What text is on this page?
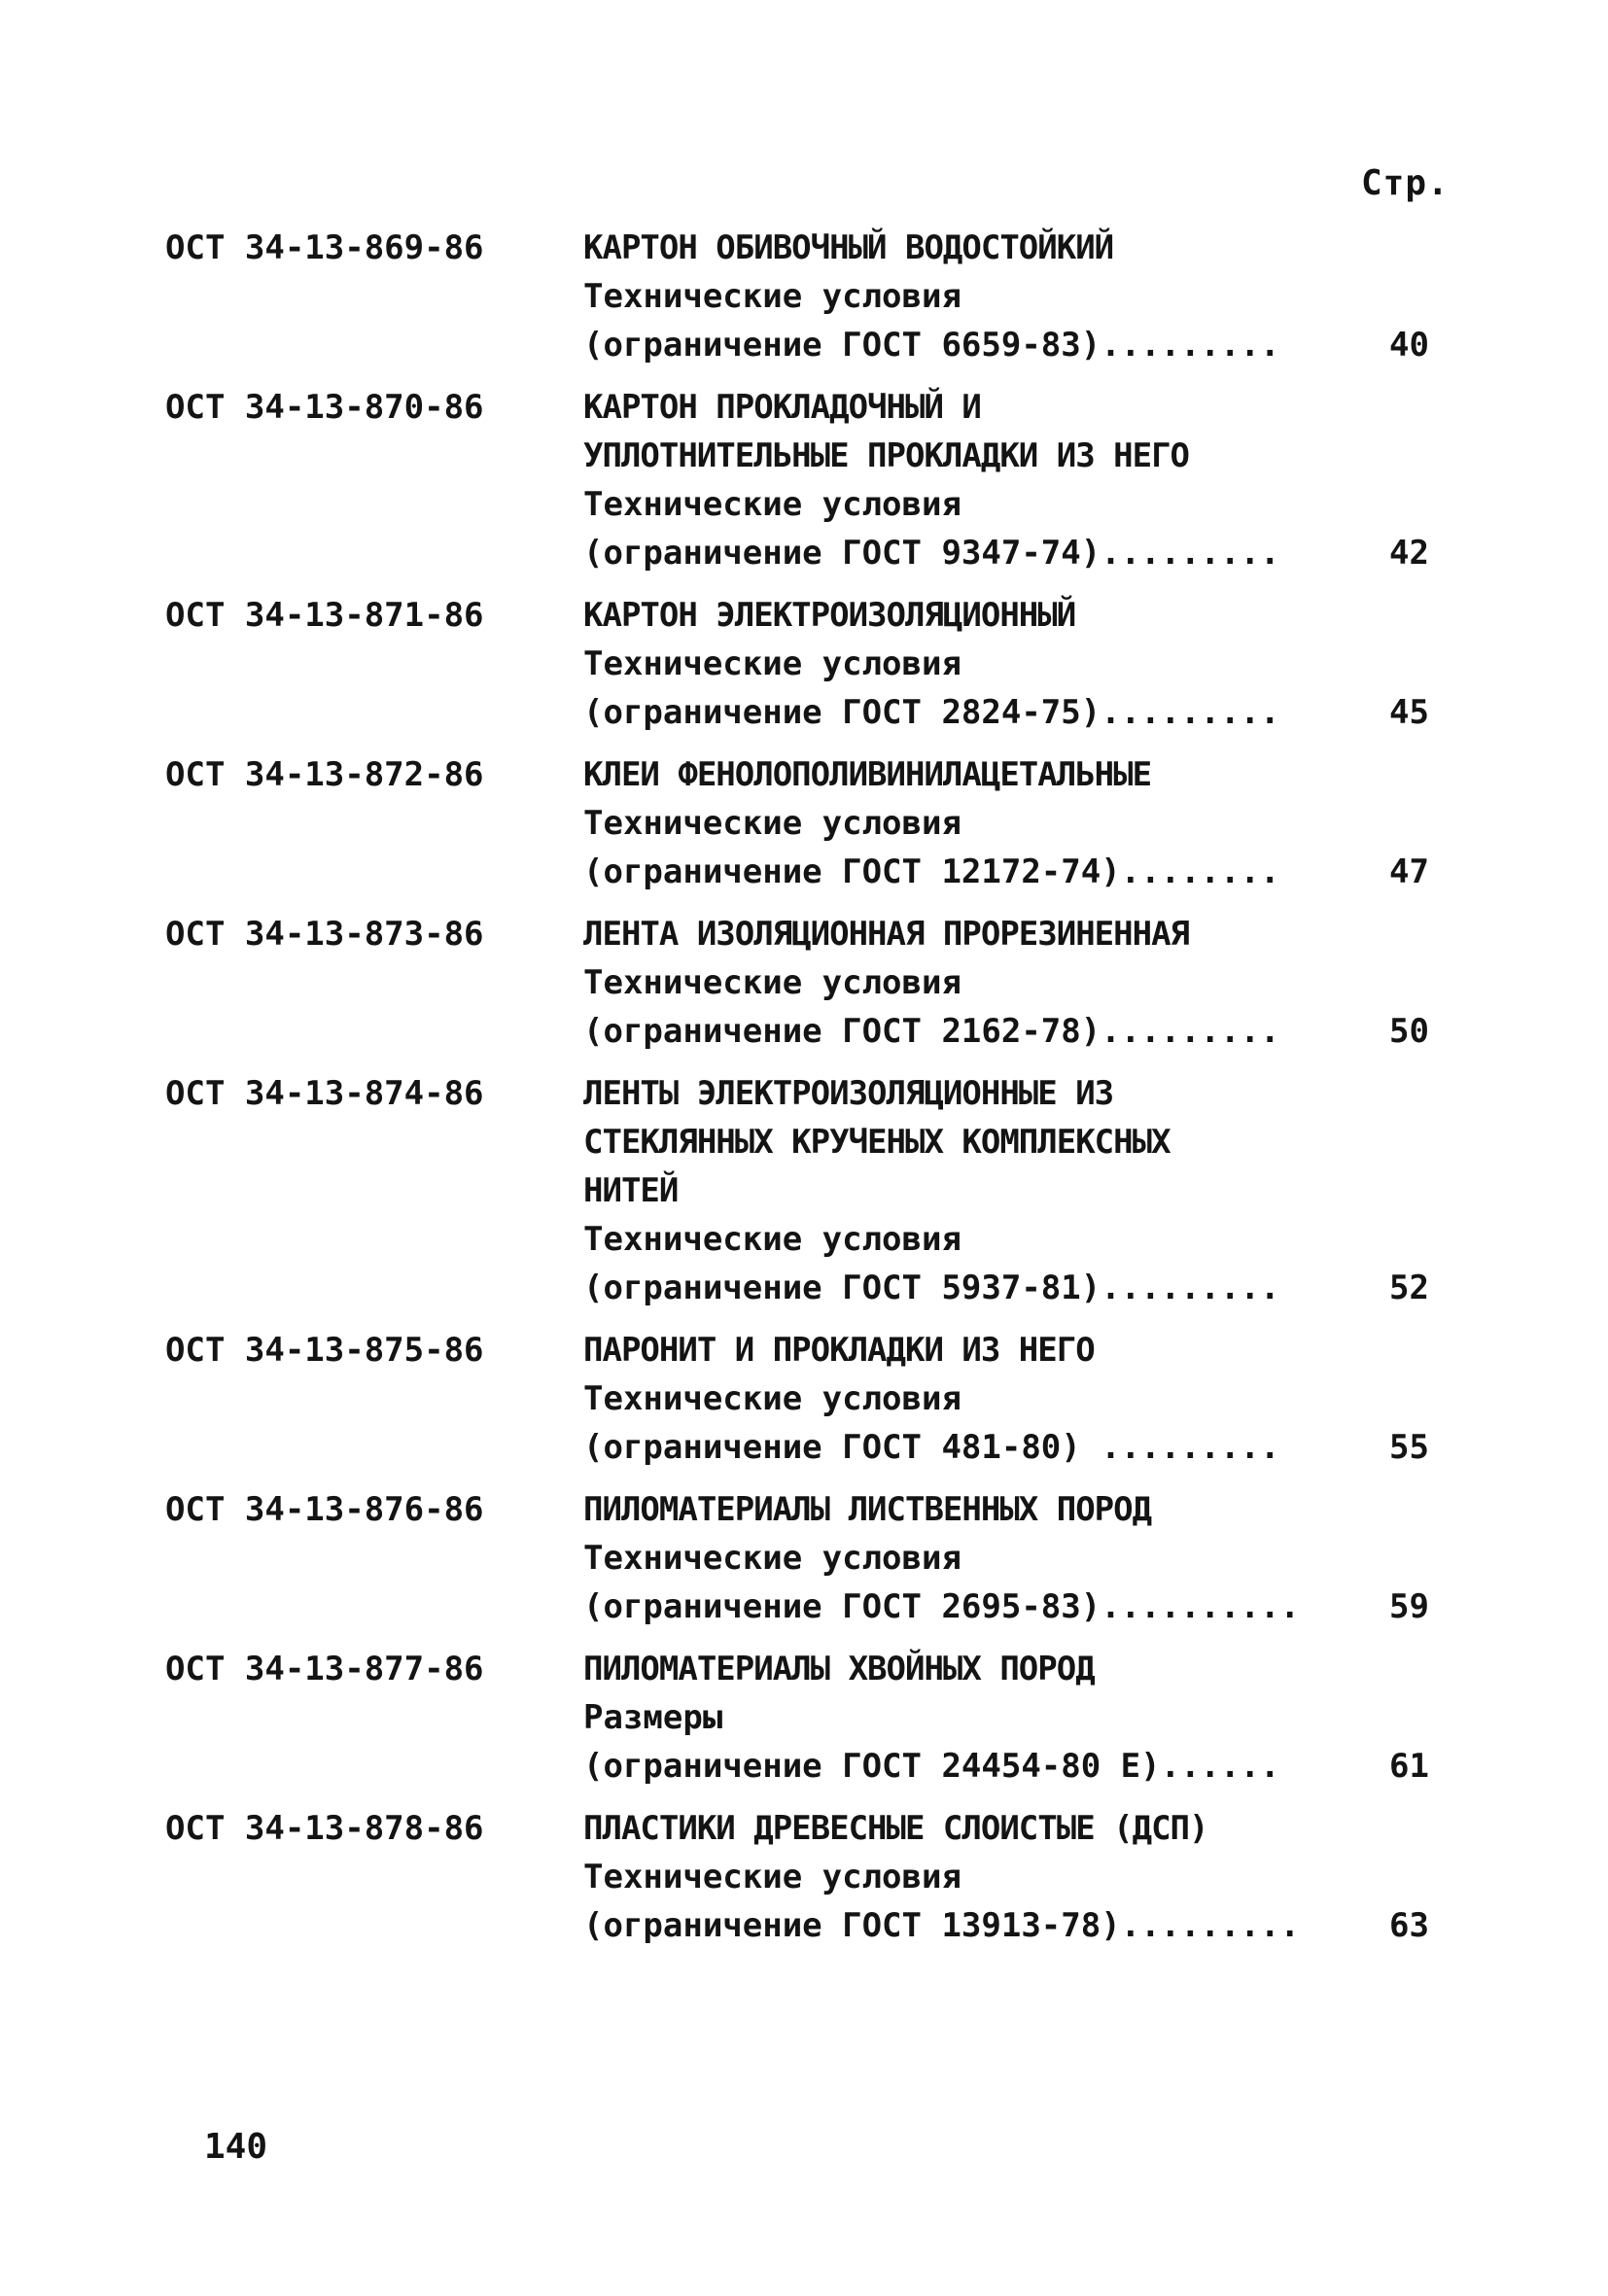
Стр.
ОСТ 34-13-869-86	КАРТОН ОБИВОЧНЫЙ ВОДОСТОЙКИЙ
Технические условия
(ограничение ГОСТ 6659-83).........	40
ОСТ 34-13-870-86	КАРТОН ПРОКЛАДОЧНЫЙ И
УПЛОТНИТЕЛЬНЫЕ ПРОКЛАДКИ ИЗ НЕГО
Технические условия
(ограничение ГОСТ 9347-74).........	42
ОСТ 34-13-871-86	КАРТОН ЭЛЕКТРОИЗОЛЯЦИОННЫЙ
Технические условия
(ограничение ГОСТ 2824-75).........	45
ОСТ 34-13-872-86	КЛЕИ ФЕНОЛОПОЛИВИНИЛАЦЕТАЛЬНЫЕ
Технические условия
(ограничение ГОСТ 12172-74)........	47
ОСТ 34-13-873-86	ЛЕНТА ИЗОЛЯЦИОННАЯ ПРОРЕЗИНЕННАЯ
Технические условия
(ограничение ГОСТ 2162-78).........	50
ОСТ 34-13-874-86	ЛЕНТЫ ЭЛЕКТРОИЗОЛЯЦИОННЫЕ ИЗ
СТЕКЛЯННЫХ КРУЧЕНЫХ КОМПЛЕКСНЫХ
НИТЕЙ
Технические условия
(ограничение ГОСТ 5937-81).........	52
ОСТ 34-13-875-86	ПАРОНИТ И ПРОКЛАДКИ ИЗ НЕГО
Технические условия
(ограничение ГОСТ 481-80) .........	55
ОСТ 34-13-876-86	ПИЛОМАТЕРИАЛЫ ЛИСТВЕННЫХ ПОРОД
Технические условия
(ограничение ГОСТ 2695-83)..........	59
ОСТ 34-13-877-86	ПИЛОМАТЕРИАЛЫ ХВОЙНЫХ ПОРОД
Размеры
(ограничение ГОСТ 24454-80 Е)......	61
ОСТ 34-13-878-86	ПЛАСТИКИ ДРЕВЕСНЫЕ СЛОИСТЫЕ (ДСП)
Технические условия
(ограничение ГОСТ 13913-78).........	63
140
